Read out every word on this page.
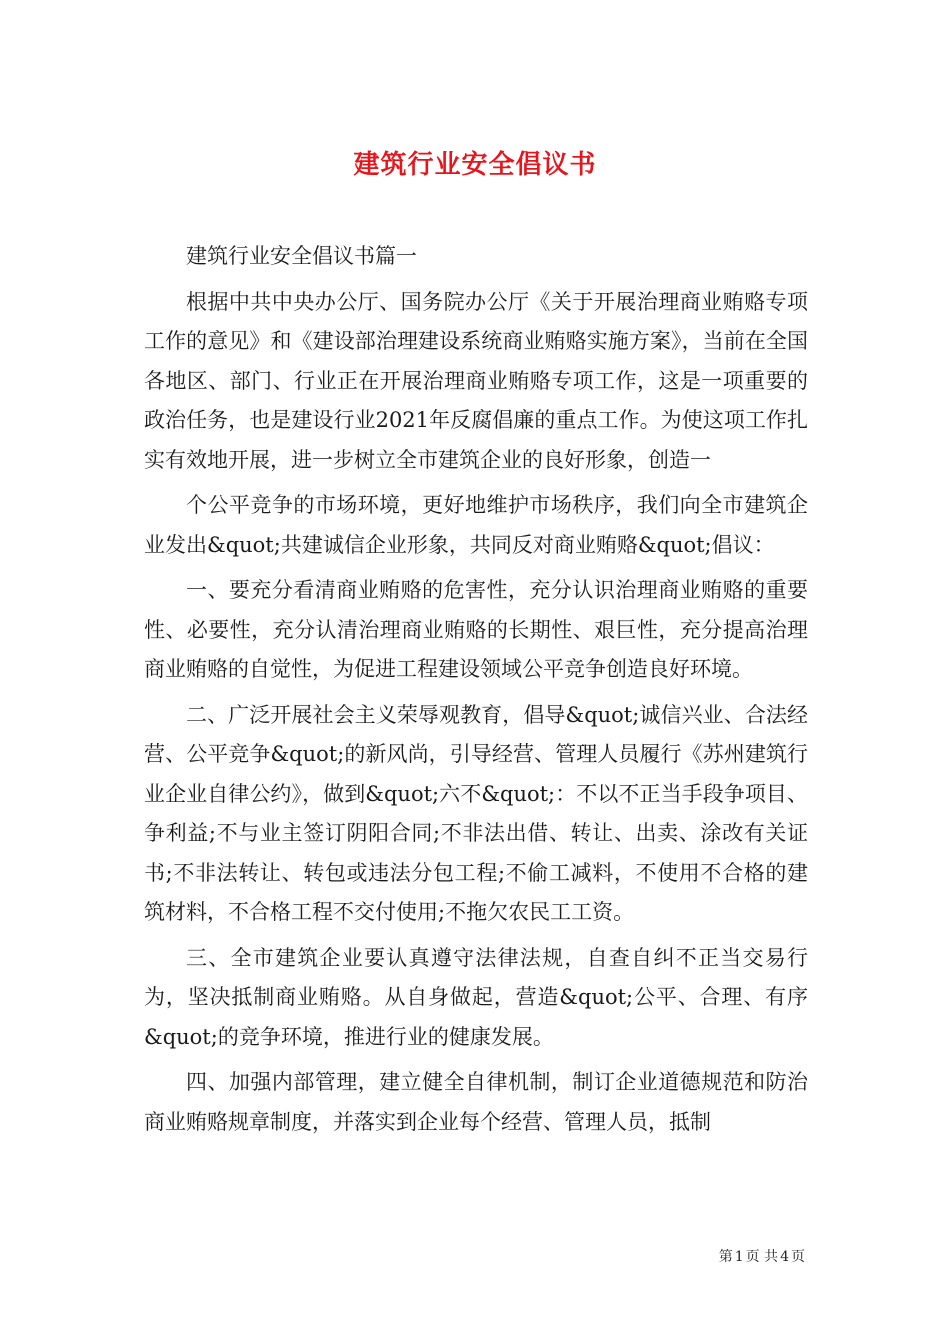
建筑行业安全倡议书

建筑行业安全倡议书篇一

根据中共中央办公厅、国务院办公厅《关于开展治理商业贿赂专项工作的意见》和《建设部治理建设系统商业贿赂实施方案》，当前在全国各地区、部门、行业正在开展治理商业贿赂专项工作，这是一项重要的政治任务，也是建设行业2021年反腐倡廉的重点工作。为使这项工作扎实有效地开展，进一步树立全市建筑企业的良好形象，创造一

个公平竞争的市场环境，更好地维护市场秩序，我们向全市建筑企业发出&quot;共建诚信企业形象，共同反对商业贿赂&quot;倡议：

一、要充分看清商业贿赂的危害性，充分认识治理商业贿赂的重要性、必要性，充分认清治理商业贿赂的长期性、艰巨性，充分提高治理商业贿赂的自觉性，为促进工程建设领域公平竞争创造良好环境。

二、广泛开展社会主义荣辱观教育，倡导&quot;诚信兴业、合法经营、公平竞争&quot;的新风尚，引导经营、管理人员履行《苏州建筑行业企业自律公约》，做到&quot;六不&quot;：不以不正当手段争项目、争利益;不与业主签订阴阳合同;不非法出借、转让、出卖、涂改有关证书;不非法转让、转包或违法分包工程;不偷工减料，不使用不合格的建筑材料，不合格工程不交付使用;不拖欠农民工工资。

三、全市建筑企业要认真遵守法律法规，自查自纠不正当交易行为，坚决抵制商业贿赂。从自身做起，营造&quot;公平、合理、有序&quot;的竞争环境，推进行业的健康发展。

四、加强内部管理，建立健全自律机制，制订企业道德规范和防治商业贿赂规章制度，并落实到企业每个经营、管理人员，抵制

第 1 页 共 4 页
